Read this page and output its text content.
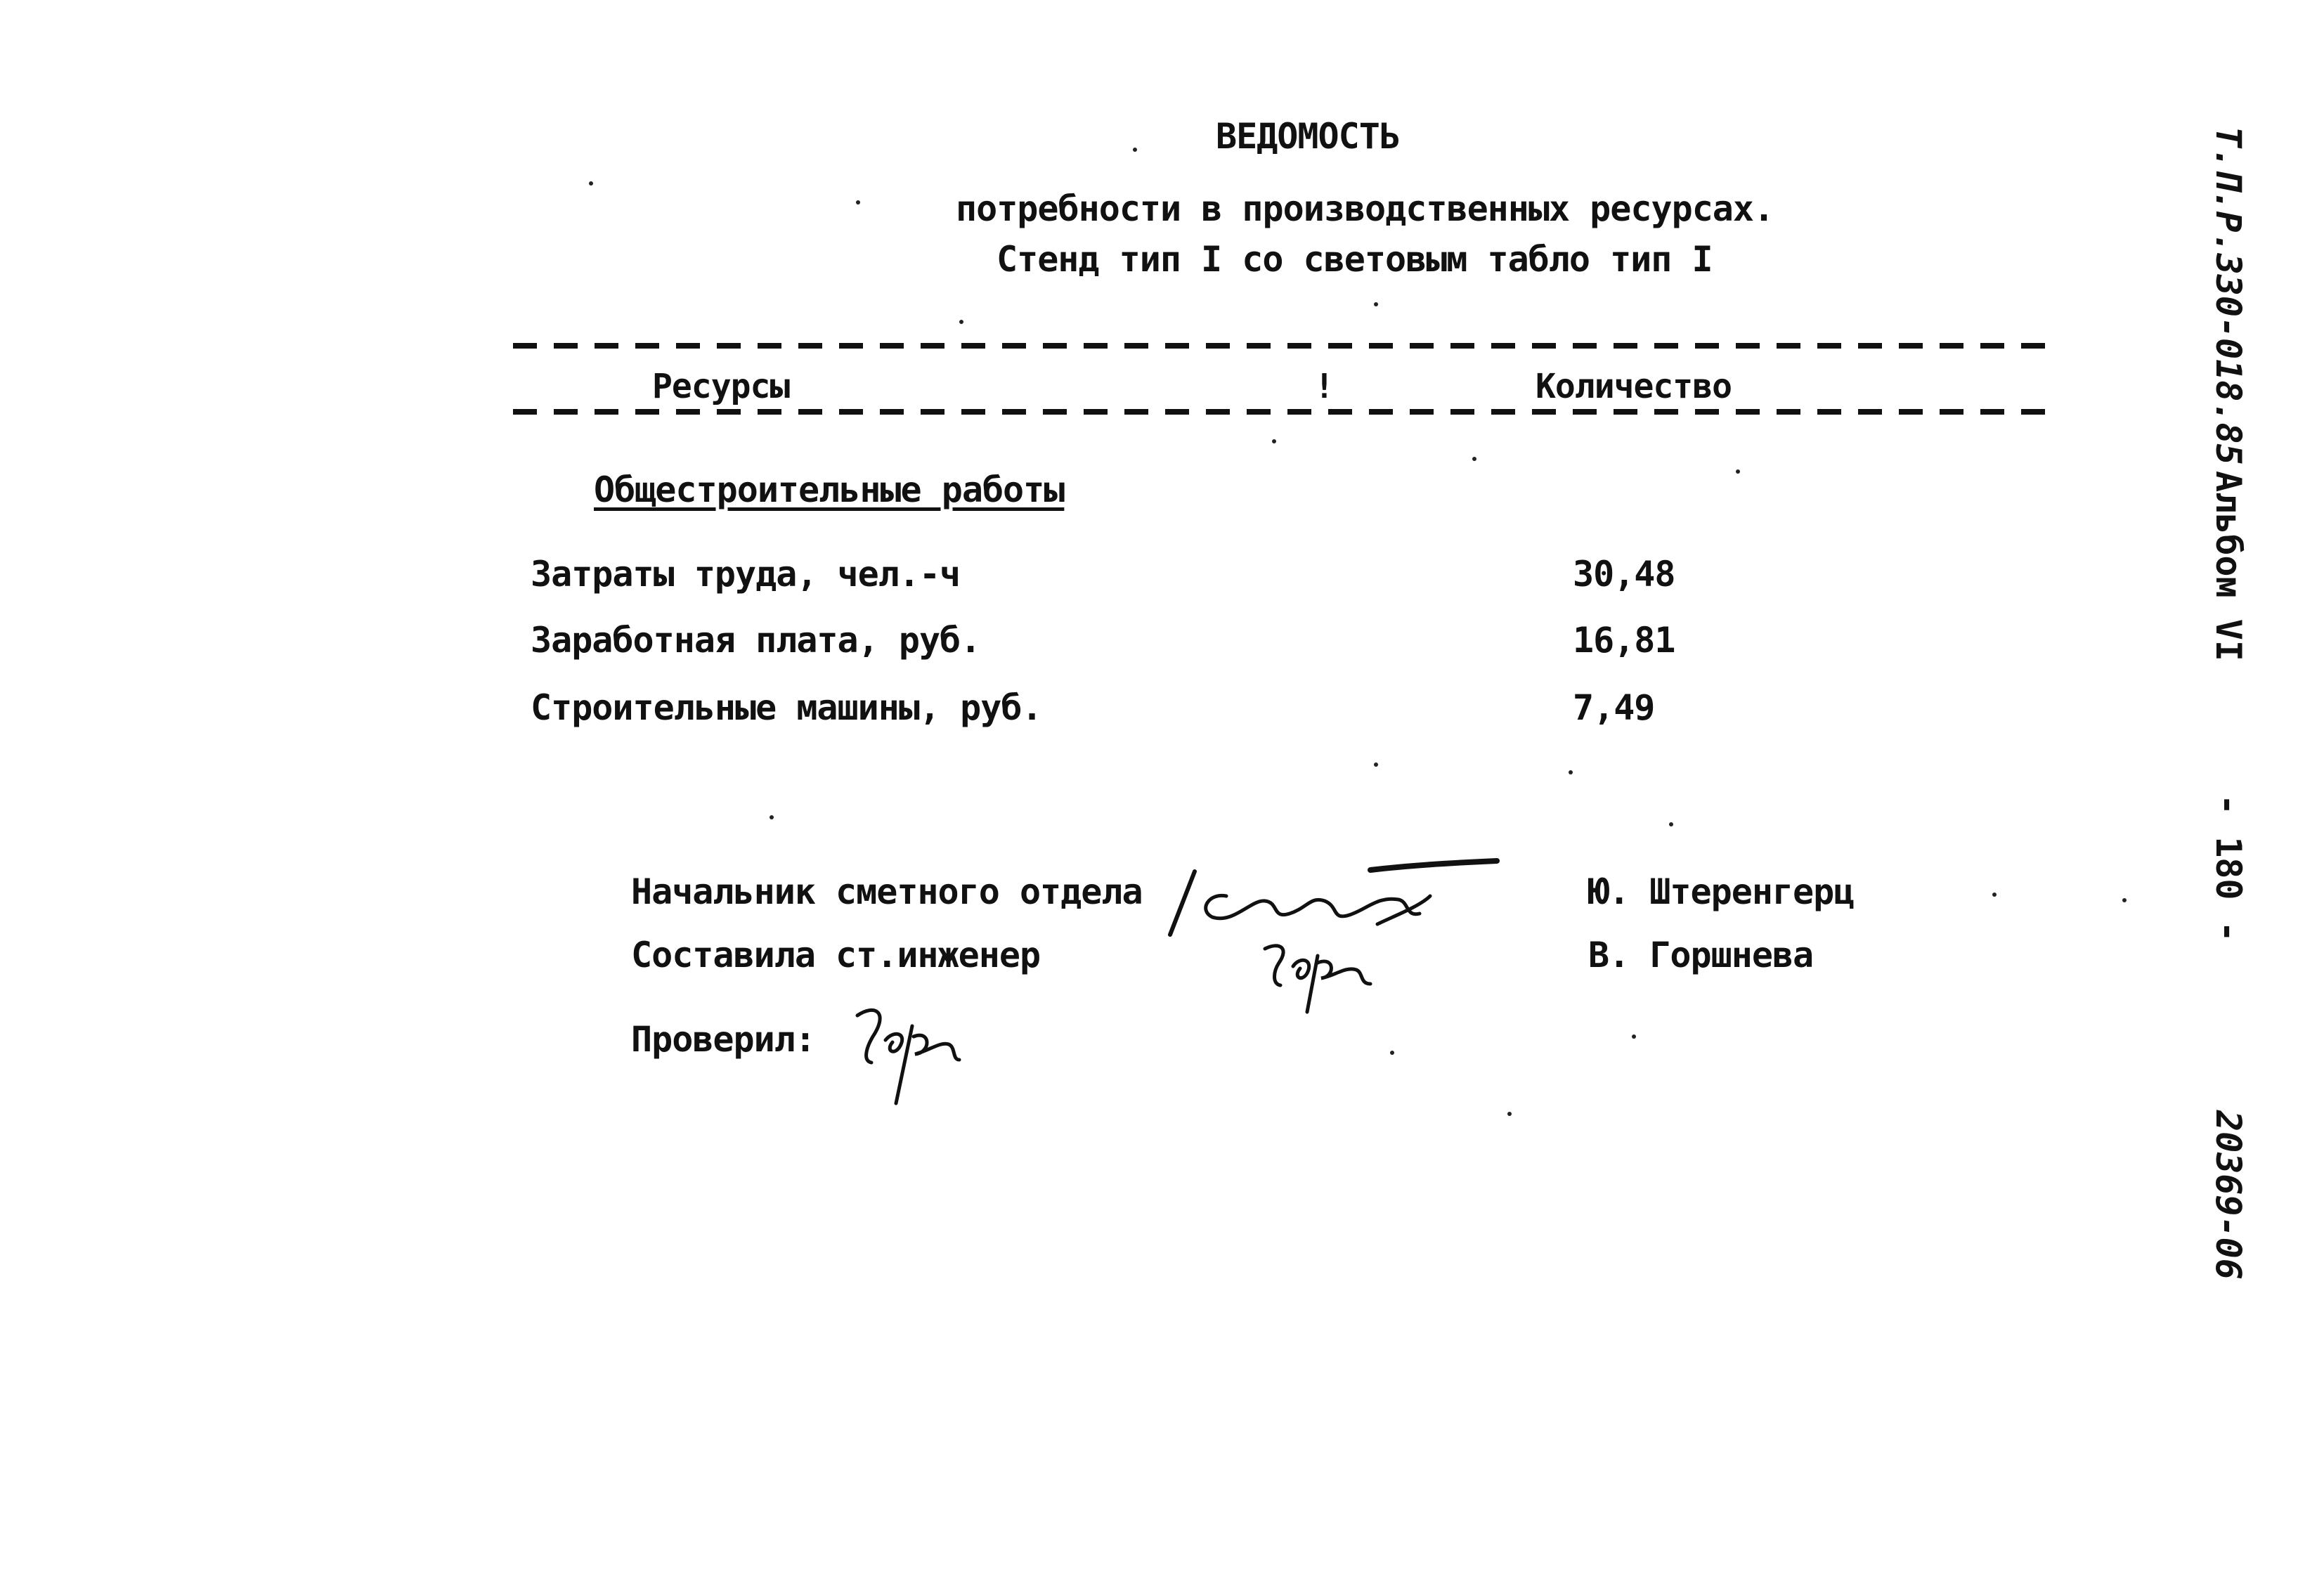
ВЕДОМОСТЬ
потребности в производственных ресурсах.
Стенд тип I со световым табло тип I
Ресурсы	!	Количество
Общестроительные работы
Затраты труда, чел.-ч	30,48
Заработная плата, руб.	16,81
Строительные машины, руб.	7,49
Начальник сметного отдела	Ю. Штеренгерц
Составила ст.инженер	В. Горшнева
Проверил:
Т.П.Р.330-018.85
Альбом VI
- 180 -
20369-06
